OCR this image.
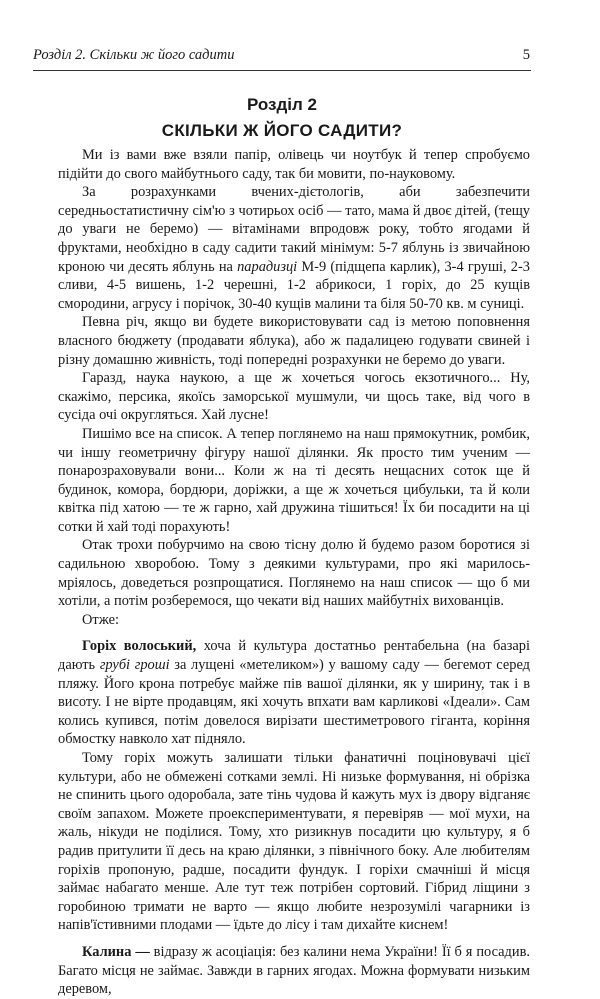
Розділ 2. Скільки ж його садити	5
Розділ 2
СКІЛЬКИ Ж ЙОГО САДИТИ?

Ми із вами вже взяли папір, олівець чи ноутбук й тепер спробуємо підійти до свого майбутнього саду, так би мовити, по-науковому.

За розрахунками вчених-дієтологів, аби забезпечити середньостатистичну сім'ю з чотирьох осіб — тато, мама й двоє дітей, (тещу до уваги не беремо) — вітамінами впродовж року, тобто ягодами й фруктами, необхідно в саду садити такий мінімум: 5-7 яблунь із звичайною кроною чи десять яблунь на парадизці М-9 (підщепа карлик), 3-4 груші, 2-3 сливи, 4-5 вишень, 1-2 черешні, 1-2 абрикоси, 1 горіх, до 25 кущів смородини, агрусу і порічок, 30-40 кущів малини та біля 50-70 кв. м суниці.

Певна річ, якщо ви будете використовувати сад із метою поповнення власного бюджету (продавати яблука), або ж падалицею годувати свиней і різну домашню живність, тоді попередні розрахунки не беремо до уваги.

Гаразд, наука наукою, а ще ж хочеться чогось екзотичного... Ну, скажімо, персика, якоїсь заморської мушмули, чи щось таке, від чого в сусіда очі округляться. Хай лусне!

Пишімо все на список. А тепер поглянемо на наш прямокутник, ромбик, чи іншу геометричну фігуру нашої ділянки. Як просто тим ученим — понарозраховували вони... Коли ж на ті десять нещасних соток ще й будинок, комора, бордюри, доріжки, а ще ж хочеться цибульки, та й коли квітка під хатою — те ж гарно, хай дружина тішиться! Їх би посадити на ці сотки й хай тоді порахують!

Отак трохи побурчимо на свою тісну долю й будемо разом боротися зі садильною хворобою. Тому з деякими культурами, про які марилось-мріялось, доведеться розпрощатися. Поглянемо на наш список — що б ми хотіли, а потім розберемося, що чекати від наших майбутніх вихованців.

Отже:

Горіх волоський, хоча й культура достатньо рентабельна (на базарі дають грубі гроші за лущені «метеликом») у вашому саду — бегемот серед пляжу. Його крона потребує майже пів вашої ділянки, як у ширину, так і в висоту. І не вірте продавцям, які хочуть впхати вам карликові «Ідеали». Сам колись купився, потім довелося вирізати шестиметрового гіганта, коріння обмостку навколо хат підняло.

Тому горіх можуть залишати тільки фанатичні поціновувачі цієї культури, або не обмежені сотками землі. Ні низьке формування, ні обрізка не спинить цього одоробала, зате тінь чудова й кажуть мух із двору відганяє своїм запахом. Можете проекспериментувати, я перевіряв — мої мухи, на жаль, нікуди не поділися. Тому, хто ризикнув посадити цю культуру, я б радив притулити її десь на краю ділянки, з північного боку. Але любителям горіхів пропоную, радше, посадити фундук. І горіхи смачніші й місця займає набагато менше. Але тут теж потрібен сортовий. Гібрид ліщини з горобиною тримати не варто — якщо любите незрозумілі чагарники із напів'їстивними плодами — їдьте до лісу і там дихайте киснем!

Калина — відразу ж асоціація: без калини нема України! Її б я посадив. Багато місця не займає. Завжди в гарних ягодах. Можна формувати низьким деревом,
